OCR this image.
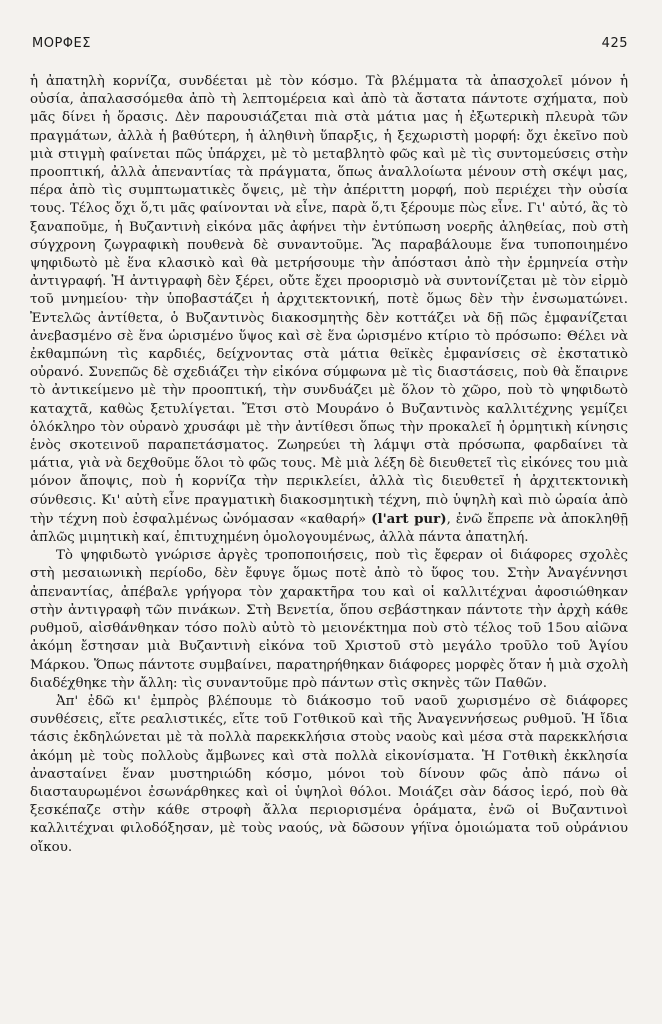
ΜΟΡΦΕΣ	425

ἡ ἀπατηλὴ κορνίζα, συνδέεται μὲ τὸν κόσμο. Τὰ βλέμματα τὰ ἀπασχολεῖ μόνον ἡ οὐσία, ἀπαλασσόμεθα ἀπὸ τὴ λεπτομέρεια καὶ ἀπὸ τὰ ἄστατα πάντοτε σχήματα, ποὺ μᾶς δίνει ἡ ὅρασις. Δὲν παρουσιάζεται πιὰ στὰ μάτια μας ἡ ἐξωτερικὴ πλευρὰ τῶν πραγμάτων, ἀλλὰ ἡ βαθύτερη, ἡ ἀληθινὴ ὕπαρξις, ἡ ξεχωριστὴ μορφή: ὄχι ἐκεῖνο ποὺ μιὰ στιγμὴ φαίνεται πῶς ὑπάρχει, μὲ τὸ μεταβλητὸ φῶς καὶ μὲ τὶς συντομεύσεις στὴν προοπτική, ἀλλὰ ἀπεναντίας τὰ πράγματα, ὅπως ἀναλλοίωτα μένουν στὴ σκέψι μας, πέρα ἀπὸ τὶς συμπτωματικὲς ὄψεις, μὲ τὴν ἀπέριττη μορφή, ποὺ περιέχει τὴν οὐσία τους. Τέλος ὄχι ὅ,τι μᾶς φαίνονται νὰ εἶνε, παρὰ ὅ,τι ξέρουμε πὼς εἶνε. Γι' αὐτό, ἂς τὸ ξαναποῦμε, ἡ Βυζαντινὴ εἰκόνα μᾶς ἀφήνει τὴν ἐντύπωση νοερῆς ἀληθείας, ποὺ στὴ σύγχρονη ζωγραφικὴ πουθενὰ δὲ συναντοῦμε. Ἂς παραβάλουμε ἕνα τυποποιημένο ψηφιδωτὸ μὲ ἕνα κλασικὸ καὶ θὰ μετρήσουμε τὴν ἀπόστασι ἀπὸ τὴν ἑρμηνεία στὴν ἀντιγραφή. Ἡ ἀντιγραφὴ δὲν ξέρει, οὔτε ἔχει προορισμὸ νὰ συντονίζεται μὲ τὸν εἱρμὸ τοῦ μνημείου· τὴν ὑποβαστάζει ἡ ἀρχιτεκτονική, ποτὲ ὅμως δὲν τὴν ἐνσωματώνει. Ἐντελῶς ἀντίθετα, ὁ Βυζαντινὸς διακοσμητὴς δὲν κοττάζει νὰ δῇ πῶς ἐμφανίζεται ἀνεβασμένο σὲ ἕνα ὡρισμένο ὕψος καὶ σὲ ἕνα ὡρισμένο κτίριο τὸ πρόσωπο: Θέλει νὰ ἐκθαμπώνη τὶς καρδιές, δείχνοντας στὰ μάτια θεϊκὲς ἐμφανίσεις σὲ ἐκστατικὸ οὐρανό. Συνεπῶς δὲ σχεδιάζει τὴν εἰκόνα σύμφωνα μὲ τὶς διαστάσεις, ποὺ θὰ ἔπαιρνε τὸ ἀντικείμενο μὲ τὴν προοπτική, τὴν συνδυάζει μὲ ὅλον τὸ χῶρο, ποὺ τὸ ψηφιδωτὸ καταχτᾶ, καθὼς ξετυλίγεται. Ἔτσι στὸ Μουράνο ὁ Βυζαντινὸς καλλιτέχνης γεμίζει ὁλόκληρο τὸν οὐρανὸ χρυσάφι μὲ τὴν ἀντίθεσι ὅπως τὴν προκαλεῖ ἡ ὁρμητικὴ κίνησις ἑνὸς σκοτεινοῦ παραπετάσματος. Ζωηρεύει τὴ λάμψι στὰ πρόσωπα, φαρδαίνει τὰ μάτια, γιὰ νὰ δεχθοῦμε ὅλοι τὸ φῶς τους. Μὲ μιὰ λέξη δὲ διευθετεῖ τὶς εἰκόνες του μιὰ μόνον ἄποψις, ποὺ ἡ κορνίζα τὴν περικλείει, ἀλλὰ τὶς διευθετεῖ ἡ ἀρχιτεκτονικὴ σύνθεσις. Κι' αὐτὴ εἶνε πραγματικὴ διακοσμητικὴ τέχνη, πιὸ ὑψηλὴ καὶ πιὸ ὡραία ἀπὸ τὴν τέχνη ποὺ ἐσφαλμένως ὠνόμασαν «καθαρή» (l'art pur), ἐνῶ ἔπρεπε νὰ ἀποκληθῇ ἁπλῶς μιμητικὴ καί, ἐπιτυχημένη ὁμολογουμένως, ἀλλὰ πάντα ἀπατηλή.

Τὸ ψηφιδωτὸ γνώρισε ἀργὲς τροποποιήσεις, ποὺ τὶς ἔφεραν οἱ διάφορες σχολὲς στὴ μεσαιωνικὴ περίοδο, δὲν ἔφυγε ὅμως ποτὲ ἀπὸ τὸ ὕφος του. Στὴν Ἀναγέννησι ἀπεναντίας, ἀπέβαλε γρήγορα τὸν χαρακτῆρα του καὶ οἱ καλλιτέχναι ἀφοσιώθηκαν στὴν ἀντιγραφὴ τῶν πινάκων. Στὴ Βενετία, ὅπου σεβάστηκαν πάντοτε τὴν ἀρχὴ κάθε ρυθμοῦ, αἰσθάνθηκαν τόσο πολὺ αὐτὸ τὸ μειονέκτημα ποὺ στὸ τέλος τοῦ 15ου αἰῶνα ἀκόμη ἔστησαν μιὰ Βυζαντινὴ εἰκόνα τοῦ Χριστοῦ στὸ μεγάλο τροῦλο τοῦ Ἁγίου Μάρκου. Ὅπως πάντοτε συμβαίνει, παρατηρήθηκαν διάφορες μορφὲς ὅταν ἡ μιὰ σχολὴ διαδέχθηκε τὴν ἄλλη: τὶς συναντοῦμε πρὸ πάντων στὶς σκηνὲς τῶν Παθῶν.

Ἀπ' ἐδῶ κι' ἐμπρὸς βλέπουμε τὸ διάκοσμο τοῦ ναοῦ χωρισμένο σὲ διάφορες συνθέσεις, εἴτε ρεαλιστικές, εἴτε τοῦ Γοτθικοῦ καὶ τῆς Ἀναγεννήσεως ρυθμοῦ. Ἡ ἴδια τάσις ἐκδηλώνεται μὲ τὰ πολλὰ παρεκκλήσια στοὺς ναοὺς καὶ μέσα στὰ παρεκκλήσια ἀκόμη μὲ τοὺς πολλοὺς ἄμβωνες καὶ στὰ πολλὰ εἰκονίσματα. Ἡ Γοτθικὴ ἐκκλησία ἀνασταίνει ἕναν μυστηριώδη κόσμο, μόνοι τοὺ δίνουν φῶς ἀπὸ πάνω οἱ διασταυρωμένοι ἐσωνάρθηκες καὶ οἱ ὑψηλοὶ θόλοι. Μοιάζει σὰν δάσος ἱερό, ποὺ θὰ ξεσκέπαζε στὴν κάθε στροφὴ ἄλλα περιορισμένα ὁράματα, ἐνῶ οἱ Βυζαντινοὶ καλλιτέχναι φιλοδόξησαν, μὲ τοὺς ναούς, νὰ δῶσουν γήϊνα ὁμοιώματα τοῦ οὐράνιου οἴκου.
